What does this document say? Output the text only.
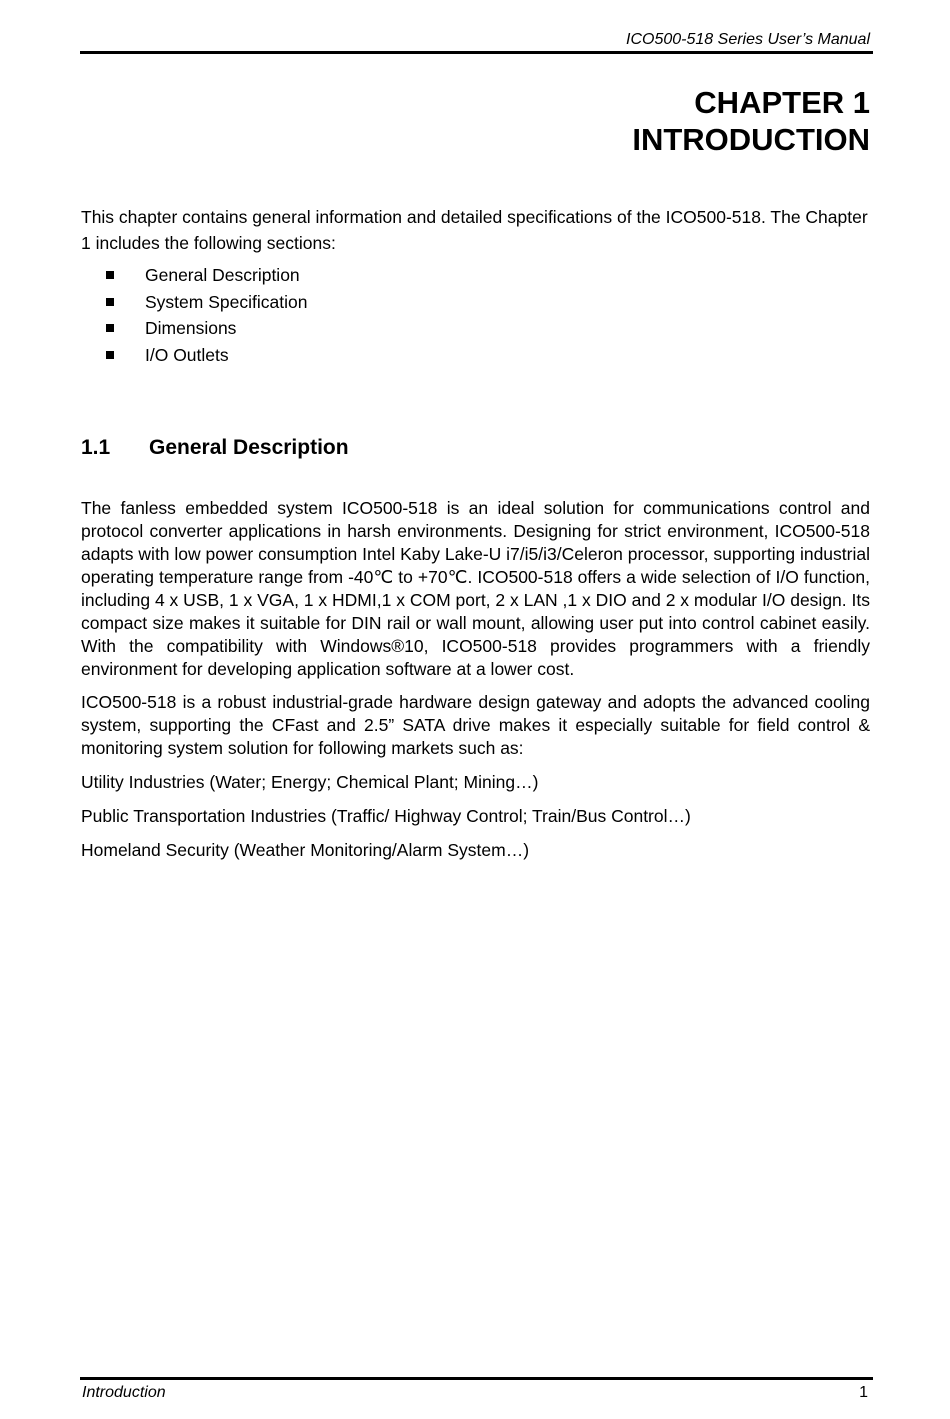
ICO500-518 Series User’s Manual
CHAPTER 1
INTRODUCTION

This chapter contains general information and detailed specifications of the ICO500-518. The Chapter 1 includes the following sections:

General Description
System Specification
Dimensions
I/O Outlets
1.1 General Description

The fanless embedded system ICO500-518 is an ideal solution for communications control and protocol converter applications in harsh environments. Designing for strict environment, ICO500-518 adapts with low power consumption Intel Kaby Lake-U i7/i5/i3/Celeron processor, supporting industrial operating temperature range from -40℃ to +70℃. ICO500-518 offers a wide selection of I/O function, including 4 x USB, 1 x VGA, 1 x HDMI,1 x COM port, 2 x LAN ,1 x DIO and 2 x modular I/O design. Its compact size makes it suitable for DIN rail or wall mount, allowing user put into control cabinet easily. With the compatibility with Windows®10, ICO500-518 provides programmers with a friendly environment for developing application software at a lower cost.

ICO500-518 is a robust industrial-grade hardware design gateway and adopts the advanced cooling system, supporting the CFast and 2.5” SATA drive makes it especially suitable for field control & monitoring system solution for following markets such as:

Utility Industries (Water; Energy; Chemical Plant; Mining…)

Public Transportation Industries (Traffic/ Highway Control; Train/Bus Control…)

Homeland Security (Weather Monitoring/Alarm System…)

Introduction	1
